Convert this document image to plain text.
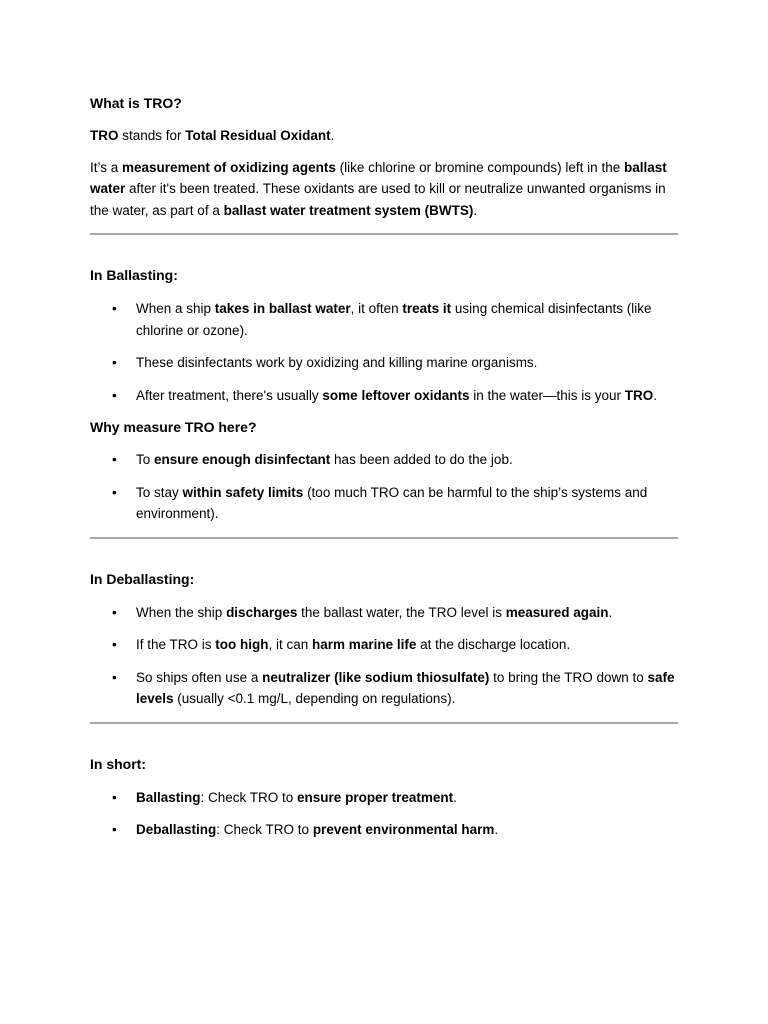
What is TRO?

TRO stands for Total Residual Oxidant.

It’s a measurement of oxidizing agents (like chlorine or bromine compounds) left in the ballast water after it's been treated. These oxidants are used to kill or neutralize unwanted organisms in the water, as part of a ballast water treatment system (BWTS).

In Ballasting:
• When a ship takes in ballast water, it often treats it using chemical disinfectants (like chlorine or ozone).
• These disinfectants work by oxidizing and killing marine organisms.
• After treatment, there's usually some leftover oxidants in the water—this is your TRO.
Why measure TRO here?
• To ensure enough disinfectant has been added to do the job.
• To stay within safety limits (too much TRO can be harmful to the ship’s systems and environment).
In Deballasting:
• When the ship discharges the ballast water, the TRO level is measured again.
• If the TRO is too high, it can harm marine life at the discharge location.
• So ships often use a neutralizer (like sodium thiosulfate) to bring the TRO down to safe levels (usually <0.1 mg/L, depending on regulations).
In short:
• Ballasting: Check TRO to ensure proper treatment.
• Deballasting: Check TRO to prevent environmental harm.
